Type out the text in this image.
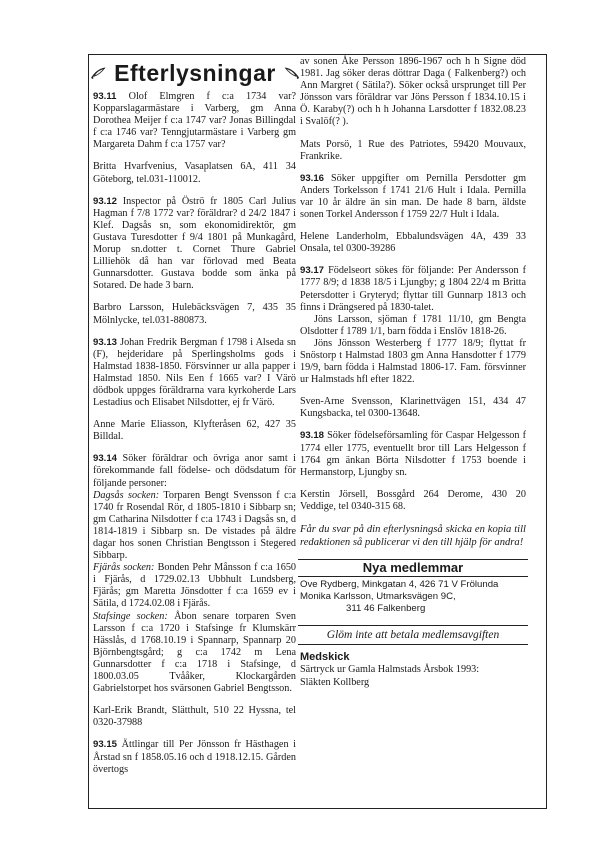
Efterlysningar

93.11 Olof Elmgren f c:a 1734 var? Kopparslagarmästare i Varberg, gm Anna Dorothea Meijer f c:a 1747 var? Jonas Billingdal f c:a 1746 var? Tenngjutarmästare i Varberg gm Margareta Dahm f c:a 1757 var?

Britta Hvarfvenius, Vasaplatsen 6A, 411 34 Göteborg, tel.031-110012.

93.12 Inspector på Öströ fr 1805 Carl Julius Hagman f 7/8 1772 var? föräldrar? d 24/2 1847 i Klef. Dagsås sn, som ekonomidirektör, gm Gustava Turesdotter f 9/4 1801 på Munkagård, Morup sn.dotter t. Cornet Thure Gabriel Lilliehök då han var förlovad med Beata Gunnarsdotter. Gustava bodde som änka på Sotared. De hade 3 barn.

Barbro Larsson, Hulebäcksvägen 7, 435 35 Mölnlycke, tel.031-880873.

93.13 Johan Fredrik Bergman f 1798 i Alseda sn (F), hejderidare på Sperlingsholms gods i Halmstad 1838-1850. Försvinner ur alla papper i Halmstad 1850. Nils Een f 1665 var? I Värö dödbok uppges föräldrarna vara kyrkoherde Lars Lestadius och Elisabet Nilsdotter, ej fr Värö.

Anne Marie Eliasson, Klyfteråsen 62, 427 35 Billdal.

93.14 Söker föräldrar och övriga anor samt i förekommande fall födelse- och dödsdatum för följande personer:

Dagsås socken: Torparen Bengt Svensson f c:a 1740 fr Rosendal Rör, d 1805-1810 i Sibbarp sn; gm Catharina Nilsdotter f c:a 1743 i Dagsås sn, d 1814-1819 i Sibbarp sn. De vistades på äldre dagar hos sonen Christian Bengtsson i Stegered Sibbarp.

Fjärås socken: Bonden Pehr Månsson f c:a 1650 i Fjärås, d 1729.02.13 Ubbhult Lundsberg, Fjärås; gm Maretta Jönsdotter f c:a 1659 ev i Sätila, d 1724.02.08 i Fjärås.

Stafsinge socken: Åbon senare torparen Sven Larsson f c:a 1720 i Stafsinge fr Klumskärr Hässlås, d 1768.10.19 i Spannarp, Spannarp 20 Björnbengtsgård; g c:a 1742 m Lena Gunnarsdotter f c:a 1718 i Stafsinge, d 1800.03.05 Tvååker, Klockargården Gabrielstorpet hos svärsonen Gabriel Bengtsson.

Karl-Erik Brandt, Slätthult, 510 22 Hyssna, tel 0320-37988

93.15 Ättlingar till Per Jönsson fr Hästhagen i Årstad sn f 1858.05.16 och d 1918.12.15. Gården övertogs

av sonen Åke Persson 1896-1967 och h h Signe död 1981. Jag söker deras döttrar Daga ( Falkenberg?) och Ann Margret ( Sätila?). Söker också ursprunget till Per Jönsson vars föräldrar var Jöns Persson f 1834.10.15 i Ö. Karaby(?) och h h Johanna Larsdotter f 1832.08.23 i Svalöf(? ).

Mats Porsö, 1 Rue des Patriotes, 59420 Mouvaux, Frankrike.

93.16 Söker uppgifter om Pernilla Persdotter gm Anders Torkelsson f 1741 21/6 Hult i Idala. Pernilla var 10 år äldre än sin man. De hade 8 barn, äldste sonen Torkel Andersson f 1759 22/7 Hult i Idala.

Helene Landerholm, Ebbalundsvägen 4A, 439 33 Onsala, tel 0300-39286

93.17 Födelseort sökes för följande: Per Andersson f 1777 8/9; d 1838 18/5 i Ljungby; g 1804 22/4 m Britta Petersdotter i Gryteryd; flyttar till Gunnarp 1813 och finns i Drängsered på 1830-talet.

Jöns Larsson, sjöman f 1781 11/10, gm Bengta Olsdotter f 1789 1/1, barn födda i Enslöv 1818-26.

Jöns Jönsson Westerberg f 1777 18/9; flyttat fr Snöstorp t Halmstad 1803 gm Anna Hansdotter f 1779 19/9, barn födda i Halmstad 1806-17. Fam. försvinner ur Halmstads hfl efter 1822.

Sven-Arne Svensson, Klarinettvägen 151, 434 47 Kungsbacka, tel 0300-13648.

93.18 Söker födelseförsamling för Caspar Helgesson f 1774 eller 1775, eventuellt bror till Lars Helgesson f 1764 gm änkan Börta Nilsdotter f 1753 boende i Hermanstorp, Ljungby sn.

Kerstin Jörsell, Bossgård 264 Derome, 430 20 Veddige, tel 0340-315 68.

Får du svar på din efterlysningså skicka en kopia till redaktionen så publicerar vi den till hjälp för andra!

Nya medlemmar
Ove Rydberg, Minkgatan 4, 426 71 V Frölunda
Monika Karlsson, Utmarksvägen 9C,
311 46 Falkenberg
Glöm inte att betala medlemsavgiften
Medskick
Särtryck ur Gamla Halmstads Årsbok 1993:
Släkten Kollberg
